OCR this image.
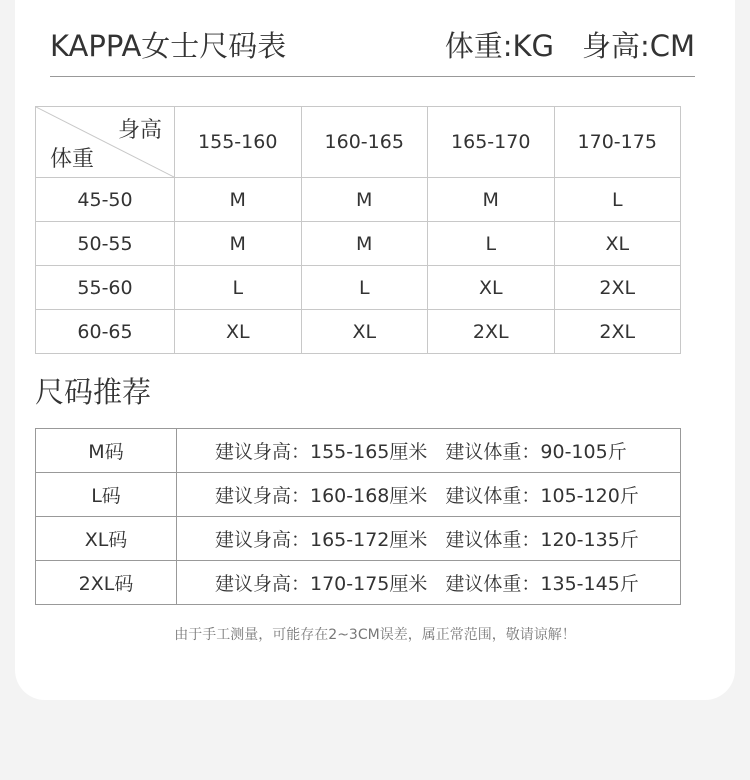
KAPPA女士尺码表	体重:KG 身高:CM
身高
体重	155-160	160-165	165-170	170-175
45-50	M	M	M	L
50-55	M	M	L	XL
55-60	L	L	XL	2XL
60-65	XL	XL	2XL	2XL
尺码推荐
M码	建议身高：155-165厘米 建议体重：90-105斤
L码	建议身高：160-168厘米 建议体重：105-120斤
XL码	建议身高：165-172厘米 建议体重：120-135斤
2XL码	建议身高：170-175厘米 建议体重：135-145斤
由于手工测量，可能存在2~3CM误差，属正常范围，敬请谅解！
